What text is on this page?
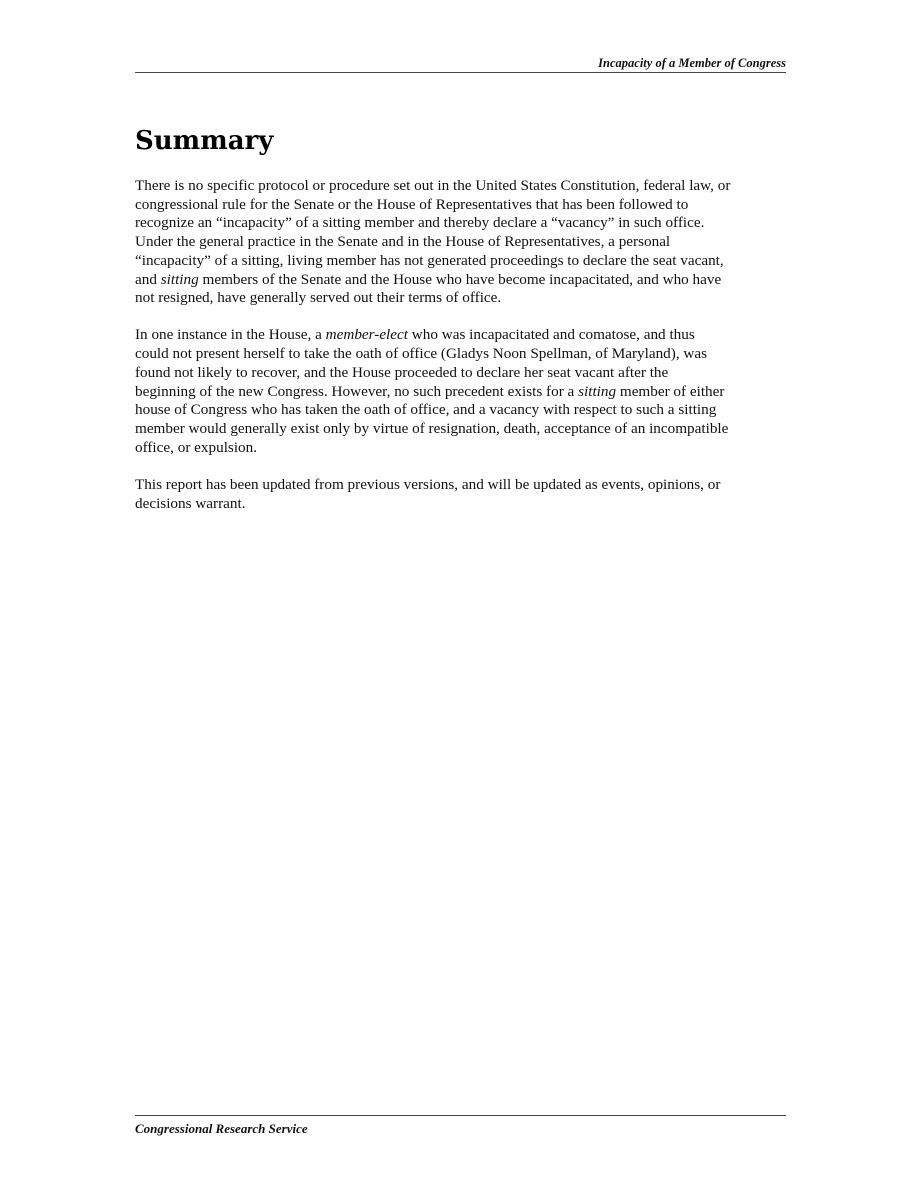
Incapacity of a Member of Congress
Summary

There is no specific protocol or procedure set out in the United States Constitution, federal law, or
congressional rule for the Senate or the House of Representatives that has been followed to
recognize an “incapacity” of a sitting member and thereby declare a “vacancy” in such office.
Under the general practice in the Senate and in the House of Representatives, a personal
“incapacity” of a sitting, living member has not generated proceedings to declare the seat vacant,
and sitting members of the Senate and the House who have become incapacitated, and who have
not resigned, have generally served out their terms of office.

In one instance in the House, a member-elect who was incapacitated and comatose, and thus
could not present herself to take the oath of office (Gladys Noon Spellman, of Maryland), was
found not likely to recover, and the House proceeded to declare her seat vacant after the
beginning of the new Congress. However, no such precedent exists for a sitting member of either
house of Congress who has taken the oath of office, and a vacancy with respect to such a sitting
member would generally exist only by virtue of resignation, death, acceptance of an incompatible
office, or expulsion.

This report has been updated from previous versions, and will be updated as events, opinions, or
decisions warrant.

Congressional Research Service
